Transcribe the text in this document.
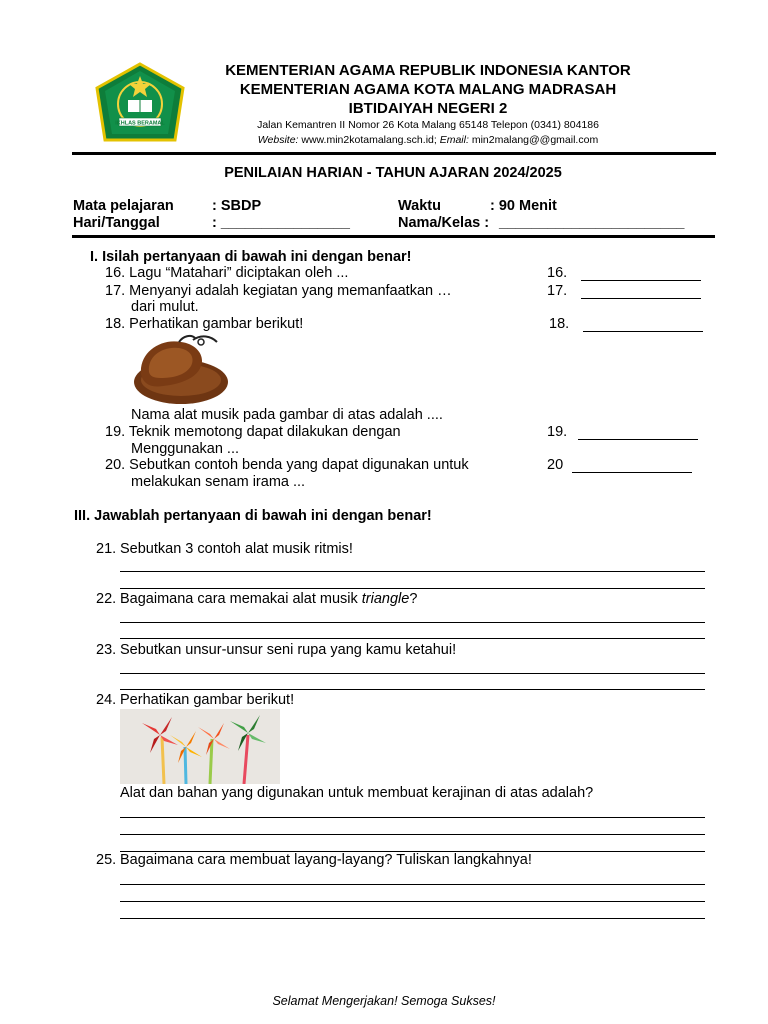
IKHLAS BERAMAL
KEMENTERIAN AGAMA REPUBLIK INDONESIA KANTOR
KEMENTERIAN AGAMA KOTA MALANG MADRASAH
IBTIDAIYAH NEGERI 2
Jalan Kemantren II Nomor 26 Kota Malang 65148 Telepon (0341) 804186
Website: www.min2kotamalang.sch.id; Email: min2malang@@gmail.com
PENILAIAN HARIAN - TAHUN AJARAN 2024/2025
Mata pelajaran	: SBDP	Waktu	: 90 Menit
Hari/Tanggal	: ________________	Nama/Kelas : _______________________
I. Isilah pertanyaan di bawah ini dengan benar!
16. Lagu “Matahari” diciptakan oleh ...	16.
17. Menyanyi adalah kegiatan yang memanfaatkan …
dari mulut.
17.
18. Perhatikan gambar berikut!	18.
Nama alat musik pada gambar di atas adalah ....
19. Teknik memotong dapat dilakukan dengan
Menggunakan ...
19.
20. Sebutkan contoh benda yang dapat digunakan untuk
melakukan senam irama ...
20
III. Jawablah pertanyaan di bawah ini dengan benar!
21. Sebutkan 3 contoh alat musik ritmis!
22. Bagaimana cara memakai alat musik triangle?
23. Sebutkan unsur-unsur seni rupa yang kamu ketahui!
24. Perhatikan gambar berikut!
Alat dan bahan yang digunakan untuk membuat kerajinan di atas adalah?
25. Bagaimana cara membuat layang-layang? Tuliskan langkahnya!
Selamat Mengerjakan! Semoga Sukses!
